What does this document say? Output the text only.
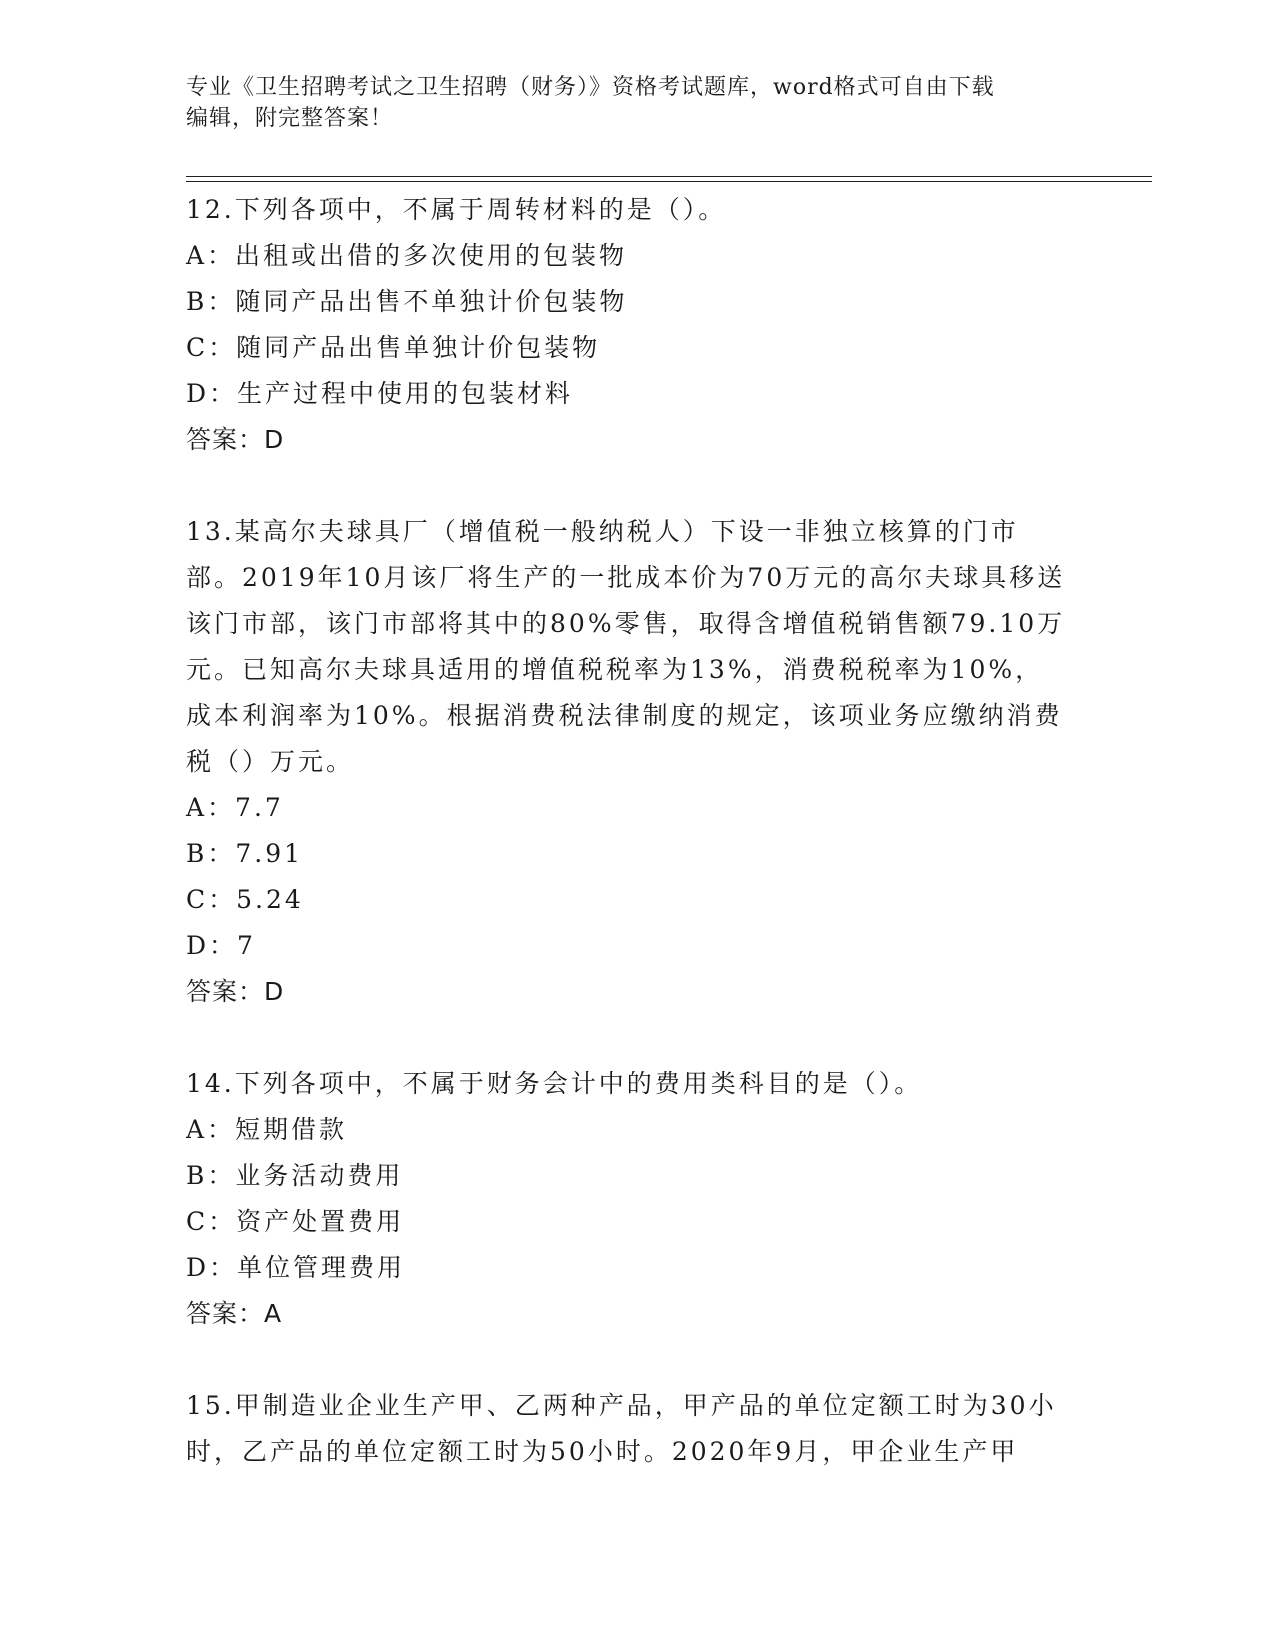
专业《卫生招聘考试之卫生招聘（财务）》资格考试题库，word格式可自由下载
编辑，附完整答案！

12.下列各项中，不属于周转材料的是（）。

A：出租或出借的多次使用的包装物

B：随同产品出售不单独计价包装物

C：随同产品出售单独计价包装物

D：生产过程中使用的包装材料

答案：D

13.某高尔夫球具厂（增值税一般纳税人）下设一非独立核算的门市部。2019年10月该厂将生产的一批成本价为70万元的高尔夫球具移送该门市部，该门市部将其中的80%零售，取得含增值税销售额79.10万元。已知高尔夫球具适用的增值税税率为13%，消费税税率为10%，成本利润率为10%。根据消费税法律制度的规定，该项业务应缴纳消费税（）万元。

A：7.7

B：7.91

C：5.24

D：7

答案：D

14.下列各项中，不属于财务会计中的费用类科目的是（）。

A：短期借款

B：业务活动费用

C：资产处置费用

D：单位管理费用

答案：A

15.甲制造业企业生产甲、乙两种产品，甲产品的单位定额工时为30小时，乙产品的单位定额工时为50小时。2020年9月，甲企业生产甲
